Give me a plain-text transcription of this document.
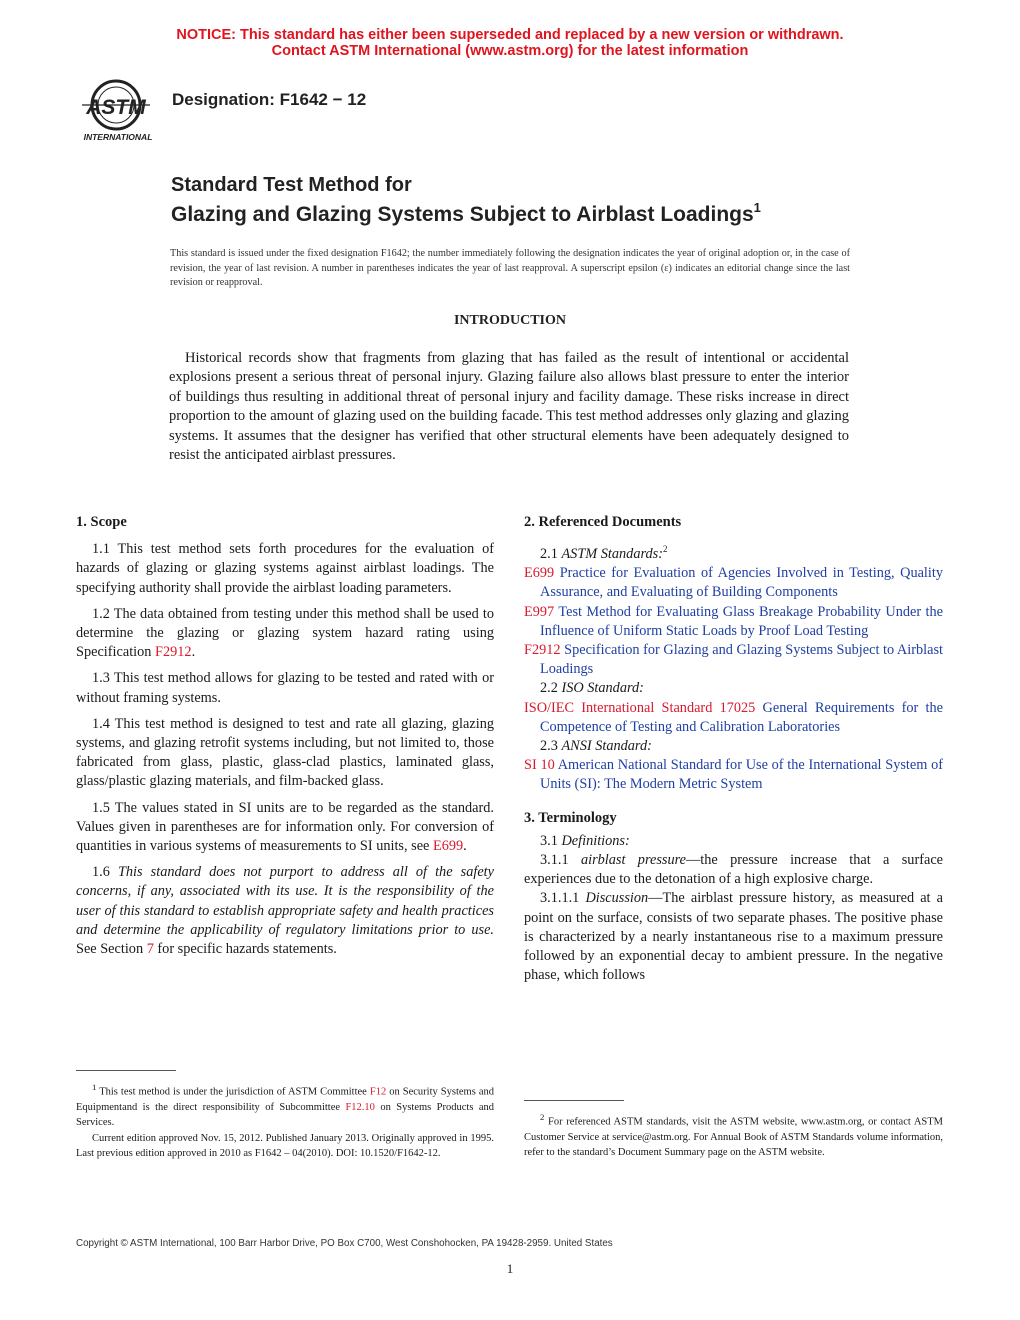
NOTICE: This standard has either been superseded and replaced by a new version or withdrawn.
Contact ASTM International (www.astm.org) for the latest information
ASTM
INTERNATIONAL
Designation: F1642 − 12
Standard Test Method for
Glazing and Glazing Systems Subject to Airblast Loadings$^1$
This standard is issued under the fixed designation F1642; the number immediately following the designation indicates the year of original adoption or, in the case of revision, the year of last revision. A number in parentheses indicates the year of last reapproval. A superscript epsilon (ε) indicates an editorial change since the last revision or reapproval.
INTRODUCTION
Historical records show that fragments from glazing that has failed as the result of intentional or accidental explosions present a serious threat of personal injury. Glazing failure also allows blast pressure to enter the interior of buildings thus resulting in additional threat of personal injury and facility damage. These risks increase in direct proportion to the amount of glazing used on the building facade. This test method addresses only glazing and glazing systems. It assumes that the designer has verified that other structural elements have been adequately designed to resist the anticipated airblast pressures.
1. Scope

1.1 This test method sets forth procedures for the evaluation of hazards of glazing or glazing systems against airblast loadings. The specifying authority shall provide the airblast loading parameters.

1.2 The data obtained from testing under this method shall be used to determine the glazing or glazing system hazard rating using Specification F2912.

1.3 This test method allows for glazing to be tested and rated with or without framing systems.

1.4 This test method is designed to test and rate all glazing, glazing systems, and glazing retrofit systems including, but not limited to, those fabricated from glass, plastic, glass-clad plastics, laminated glass, glass/plastic glazing materials, and film-backed glass.

1.5 The values stated in SI units are to be regarded as the standard. Values given in parentheses are for information only. For conversion of quantities in various systems of measurements to SI units, see E699.

1.6 This standard does not purport to address all of the safety concerns, if any, associated with its use. It is the responsibility of the user of this standard to establish appropriate safety and health practices and determine the applicability of regulatory limitations prior to use. See Section 7 for specific hazards statements.

$^1$ This test method is under the jurisdiction of ASTM Committee F12 on Security Systems and Equipmentand is the direct responsibility of Subcommittee F12.10 on Systems Products and Services.
Current edition approved Nov. 15, 2012. Published January 2013. Originally approved in 1995. Last previous edition approved in 2010 as F1642 – 04(2010). DOI: 10.1520/F1642-12.
2. Referenced Documents

2.1 ASTM Standards:$^2$

E699 Practice for Evaluation of Agencies Involved in Testing, Quality Assurance, and Evaluating of Building Components

E997 Test Method for Evaluating Glass Breakage Probability Under the Influence of Uniform Static Loads by Proof Load Testing

F2912 Specification for Glazing and Glazing Systems Subject to Airblast Loadings

2.2 ISO Standard:

ISO/IEC International Standard 17025 General Requirements for the Competence of Testing and Calibration Laboratories

2.3 ANSI Standard:

SI 10 American National Standard for Use of the International System of Units (SI): The Modern Metric System

3. Terminology

3.1 Definitions:

3.1.1 airblast pressure—the pressure increase that a surface experiences due to the detonation of a high explosive charge.

3.1.1.1 Discussion—The airblast pressure history, as measured at a point on the surface, consists of two separate phases. The positive phase is characterized by a nearly instantaneous rise to a maximum pressure followed by an exponential decay to ambient pressure. In the negative phase, which follows

$^2$ For referenced ASTM standards, visit the ASTM website, www.astm.org, or contact ASTM Customer Service at service@astm.org. For Annual Book of ASTM Standards volume information, refer to the standard’s Document Summary page on the ASTM website.
Copyright © ASTM International, 100 Barr Harbor Drive, PO Box C700, West Conshohocken, PA 19428-2959. United States
1
